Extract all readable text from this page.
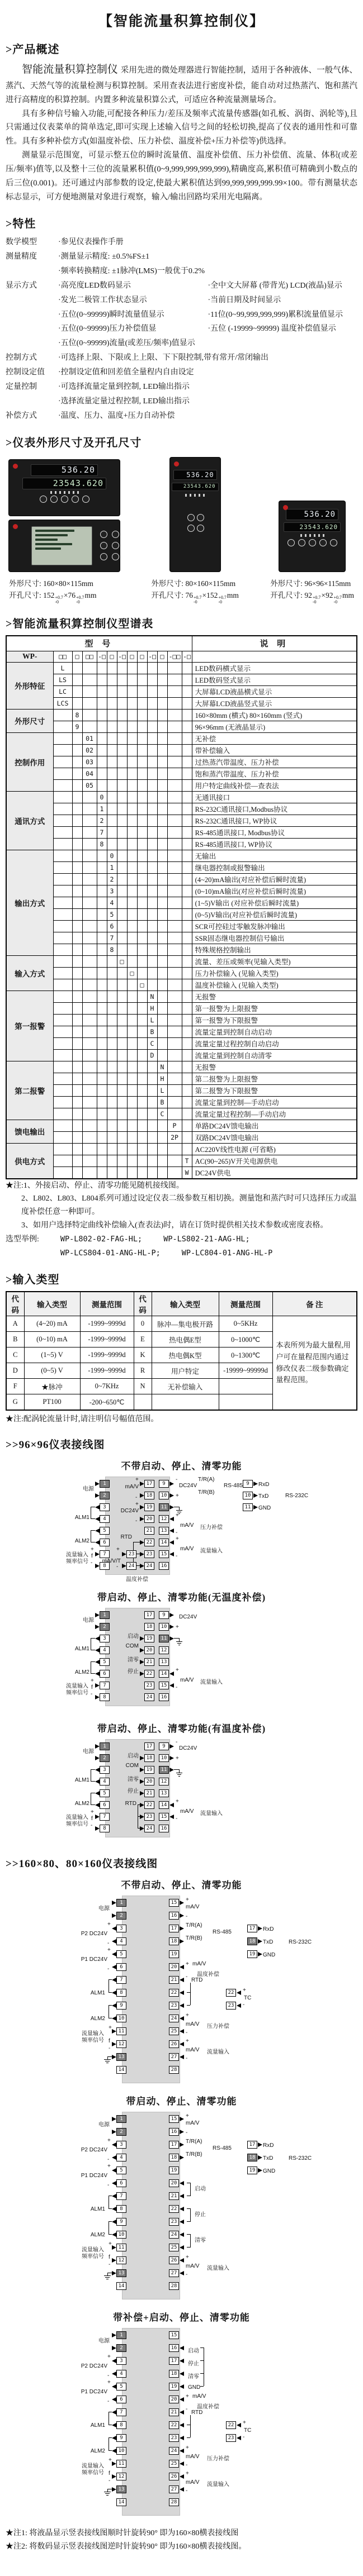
【智能流量积算控制仪】
>产品概述

智能流量积算控制仪 采用先进的微处理器进行智能控制，适用于各种液体、一般气体、蒸汽、天然气等的流量检测与积算控制。采用查表法进行密度补偿，能自动对过热蒸汽、饱和蒸汽进行高精度的积算控制。内置多种流量积算公式，可适应各种流量测量场合。

具有多种信号输入功能,可配接各种压力/差压及频率式流量传感器(如孔板、涡街、涡轮等),且只需通过仪表菜单的简单选定,即可实现上述输入信号之间的轻松切换,提高了仪表的通用性和可靠性。具有多种补偿方式(如温度补偿、压力补偿、温度补偿+压力补偿等)供选择。

测量显示范围宽，可显示整五位的瞬时流量值、温度补偿值、压力补偿值、流量、体积(或差压/频率)值等,以及整十三位的流量累积值(0~9,999,999,999,999),精确度高,累积值可精确到小数点的后三位(0.001)。还可通过内部参数的设定,使最大累积值达到99,999,999,999.99×100。带有测量状态标志显示，可方便地测量对象进行观察，输入/输出回路均采用光电隔离。

>特性
数学模型	·参见仪表操作手册
测量精度	·测量显示精度: ±0.5%FS±1
·频率转换精度: ±1脉冲(LMS)一般优于0.2%
显示方式	·高亮度LED数码显示	·全中文大屏幕 (带背光) LCD(液晶)显示
·发光二极管工作状态显示	·当前日期及时间显示
·五位(0~99999)瞬时流量值显示	·11位(0~99,999,999,999)累积流量值显示
·五位(0~99999)压力补偿值显	·五位 (-19999~99999) 温度补偿值显示
·五位(0~99999)流量(或差压/频率)值显示
控制方式	·可选择上限、下限或上上限、下下限控制,带有常开/常闭输出
控制设定值	·控制设定值和回差值全量程内自由设定
定量控制	·可选择流量定量到控制, LED输出指示
·选择流量定量过程控制, LED输出指示
补偿方式	·温度、压力、温度+压力自动补偿
>仪表外形尺寸及开孔尺寸
536.20
23543.620
外形尺寸: 160×80×115mm
开孔尺寸: 152 +0.7
-0
×76 +0.7
-0
mm
536.20
23543.620
外形尺寸: 80×160×115mm
开孔尺寸: 76 +0.7
-0
×152 +0.7
-0
mm
536.20
23543.620
外形尺寸: 96×96×115mm
开孔尺寸: 92 +0.7
-0
×92 +0.7
-0
mm
>智能流量积算控制仪型谱表
型 号													说 明
WP-	□□	□	□□	-□	□	-□	□	□	-□	□	-□□	-□	
外形特征	L												LED数码横式显示
	LS												LED数码竖式显示
	LC												大屏幕LCD液晶横式显示
	LCS												大屏幕LCD液晶竖式显示
外形尺寸		8											160×80mm (横式) 80×160mm (竖式)
		9											96×96mm (无液晶显示)
控制作用			01										无补偿
			02										带补偿输入
			03										过热蒸汽带温度、压力补偿
			04										饱和蒸汽带温度、压力补偿
			05										用户特定曲线补偿—查表法
通讯方式				0									无通讯接口
				1									RS-232C通讯接口,Modbus协议
				2									RS-232C通讯接口, WP协议
				7									RS-485通讯接口, Modbus协议
				8									RS-485通讯接口, WP协议
输出方式					0								无输出
					1								继电器控制或报警输出
					2								(4~20)mA输出(对应补偿后瞬时流量)
					3								(0~10)mA输出(对应补偿后瞬时流量)
					4								(1~5)V输出 (对应补偿后瞬时流量)
					5								(0~5)V输出(对应补偿后瞬时流量)
					6								SCR可控硅过零触发脉冲输出
					7								SSR固态继电器控制信号输出
					8								特殊规格控制输出
输入方式						□							流量、差压或频率(见输入类型)
							□						压力补偿输入 (见输入类型)
								□					温度补偿输入 (见输入类型)
第一报警									N				无报警
									H				第一报警为上限报警
									L				第一报警为下限报警
									B				流量定量到控制自动启动
									C				流量定量过程控制自动启动
									D				流量定量到控制自动清零
第二报警										N			无报警
										H			第二报警为上限报警
										L			第二报警为下限报警
										B			流量定量到控制—手动启动
										C			流量定量过程控制—手动启动
馈电输出											P		单路DC24V馈电输出
											2P		双路DC24V馈电输出
供电方式													AC220V线性电源 (可省略)
												T	AC(90~265)V开关电源供电
												W	DC24V供电

★注:1、外接启动、停止、清零功能见随机接线图。

2、L802、L803、L804系列可通过设定仪表二级参数互相切换。测量饱和蒸汽时可只选择压力或温度补偿任意一种即可。

3、如用户选择特定曲线补偿输入(查表法)时，请在订货时提供相关技术参数或密度表格。

选型举例:	WP-L802-02-FAG-HL;	WP-LS802-21-AAG-HL;
WP-LCS804-01-ANG-HL-P;	WP-LC804-01-ANG-HL-P
>输入类型
代码	输入类型	测量范围	代码	输入类型	测量范围	备 注
A	(4~20) mA	-1999~9999d	0	脉冲—集电极开路	0~5KHz	本表所列为最大量程,用户可在量程范围内通过修改仪表二级参数确定量程范围。
B	(0~10) mA	-1999~9999d	E	热电偶E型	0~1000℃	
C	(1~5) V	-1999~9999d	K	热电偶K型	0~1300℃	
D	(0~5) V	-1999~9999d	R	用户特定	-19999~99999d	
F	★脉冲	0~7KHz	N	无补偿输入		
G	PT100	-200~650℃				

★注:配涡轮流量计时,请注明信号幅值范围。

>>96×96仪表接线图
不带启动、停止、清零功能
1
2
3
4
5
6
7
8
17
18
19
20
21
22
23
24
23
24
9
10
11
12
13
14
15
16
9
10
11
电源
ALM1
ALM2
流量输入
频率信号
+
f
-
+
mA/V
-
+
DC24V
-
RTD
mA/V/T
+
-
温度补偿
-
DC24V
T/R(A)
T/R(B)
RS-485
+
+
mA/V 压力补偿
-
+
mA/V 流量输入
-
RxD
TxD
GND
RS-232C
带启动、停止、清零功能(无温度补偿)
1
2
3
4
5
6
7
8
17
18
19
20
21
22
23
24
9
10
11
12
13
14
15
16
电源
ALM1
ALM2
流量输入
频率信号
+
f
-
启动
COM
清零
停止
DC24V
+
+
mA/V 流量输入
-
带启动、停止、清零功能(有温度补偿)
1
2
3
4
5
6
7
8
17
18
19
20
21
22
23
24
9
10
11
12
13
14
15
16
电源
ALM1
ALM2
流量输入
频率信号
+
f
-
启动
COM
清零
停止
RTD
-
DC24V
+
+
mA/V 流量输入
-
>>160×80、80×160仪表接线图
不带启动、停止、清零功能
1
2
3
4
5
6
7
8
9
10
11
12
13
14
15
16
17
18
19
20
21
22
23
24
25
26
27
28
22
23
17
18
19
电源
+
P2 DC24V
-
+
P1 DC24V
-
ALM1
ALM2
流量输入
频率信号
+
f
-
+
mA/V
-
T/R(A)
T/R(B)
RS-485
+ mA/V
- 温度补偿
RTD
+
TC
-
+
mA/V 压力补偿
-
+
mA/V 流量输入
-
RxD
TxD
GND
RS-232C
带启动、停止、清零功能
1
2
3
4
5
6
7
8
9
10
11
12
13
14
15
16
17
18
19
20
21
22
23
24
25
26
27
28
17
18
19
电源
+
P2 DC24V
-
+
P1 DC24V
-
ALM1
ALM2
流量输入
频率信号
+
f
-
+
mA/V
-
T/R(A)
T/R(B)
RS-485
启动
停止
清零
+
mA/V 流量输入
-
RxD
TxD
GND
RS-232C
带补偿+启动、停止、清零功能
1
2
3
4
5
6
7
8
9
10
11
12
13
14
15
16
17
18
19
20
21
22
23
24
25
26
27
28
22
23
电源
+
P2 DC24V
-
+
P1 DC24V
-
ALM1
ALM2
流量输入
频率信号
+
f
-
启动
停止
清零
GND
+ mA/V
- 温度补偿
RTD
+
TC
-
+
mA/V 压力补偿
-
+
mA/V 流量输入
-

★注1: 将液晶显示竖表接线图顺时针旋转90° 即为160×80横表接线图

★注2: 将数码显示竖表接线图逆时针旋转90° 即为160×80横表接线图。
